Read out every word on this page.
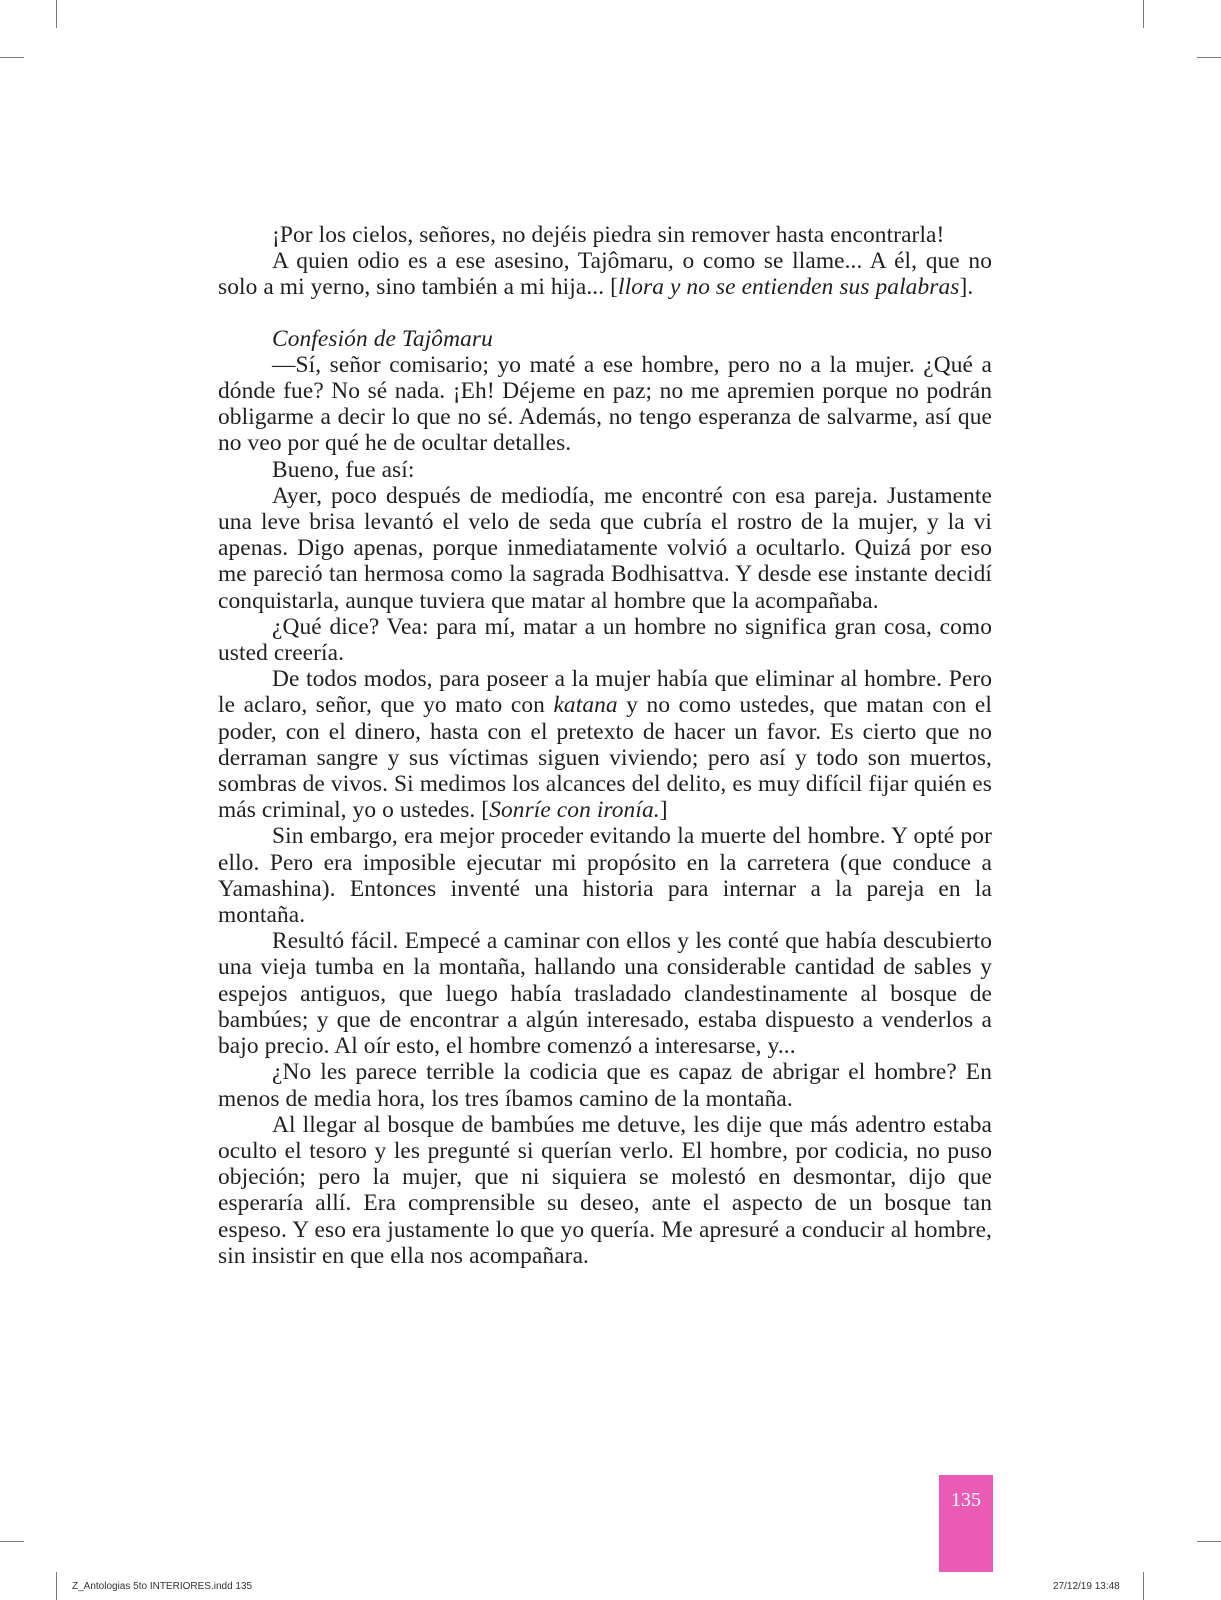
¡Por los cielos, señores, no dejéis piedra sin remover hasta encontrarla!

A quien odio es a ese asesino, Tajômaru, o como se llame... A él, que no solo a mi yerno, sino también a mi hija... [llora y no se entienden sus palabras].

Confesión de Tajômaru

—Sí, señor comisario; yo maté a ese hombre, pero no a la mujer. ¿Qué a dónde fue? No sé nada. ¡Eh! Déjeme en paz; no me apremien porque no podrán obligarme a decir lo que no sé. Además, no tengo esperanza de salvarme, así que no veo por qué he de ocultar detalles.

Bueno, fue así:

Ayer, poco después de mediodía, me encontré con esa pareja. Justamente una leve brisa levantó el velo de seda que cubría el rostro de la mujer, y la vi apenas. Digo apenas, porque inmediatamente volvió a ocultarlo. Quizá por eso me pareció tan hermosa como la sagrada Bodhisattva. Y desde ese instante decidí conquistarla, aunque tuviera que matar al hombre que la acompañaba.

¿Qué dice? Vea: para mí, matar a un hombre no significa gran cosa, como usted creería.

De todos modos, para poseer a la mujer había que eliminar al hombre. Pero le aclaro, señor, que yo mato con katana y no como ustedes, que matan con el poder, con el dinero, hasta con el pretexto de hacer un favor. Es cierto que no derraman sangre y sus víctimas siguen viviendo; pero así y todo son muertos, sombras de vivos. Si medimos los alcances del delito, es muy difícil fijar quién es más criminal, yo o ustedes. [Sonríe con ironía.]

Sin embargo, era mejor proceder evitando la muerte del hombre. Y opté por ello. Pero era imposible ejecutar mi propósito en la carretera (que conduce a Yamashina). Entonces inventé una historia para internar a la pareja en la montaña.

Resultó fácil. Empecé a caminar con ellos y les conté que había descubierto una vieja tumba en la montaña, hallando una considerable cantidad de sables y espejos antiguos, que luego había trasladado clandestinamente al bosque de bambúes; y que de encontrar a algún interesado, estaba dispuesto a venderlos a bajo precio. Al oír esto, el hombre comenzó a interesarse, y...

¿No les parece terrible la codicia que es capaz de abrigar el hombre? En menos de media hora, los tres íbamos camino de la montaña.

Al llegar al bosque de bambúes me detuve, les dije que más adentro estaba oculto el tesoro y les pregunté si querían verlo. El hombre, por codicia, no puso objeción; pero la mujer, que ni siquiera se molestó en desmontar, dijo que esperaría allí. Era comprensible su deseo, ante el aspecto de un bosque tan espeso. Y eso era justamente lo que yo quería. Me apresuré a conducir al hombre, sin insistir en que ella nos acompañara.

135
Z_Antologias 5to INTERIORES.indd 135	27/12/19 13:48
